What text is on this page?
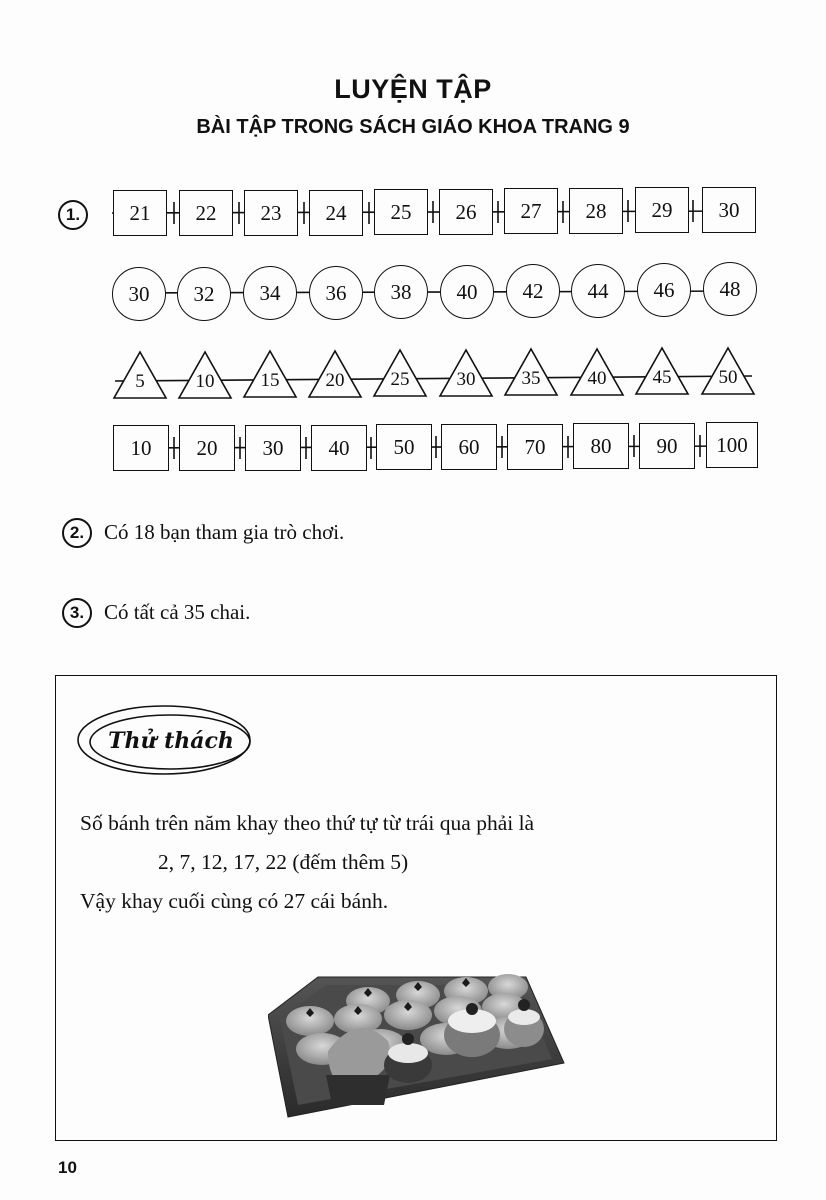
LUYỆN TẬP
BÀI TẬP TRONG SÁCH GIÁO KHOA TRANG 9
1.	21	22	23	24	25	26	27	28	29	30
30	32	34	36	38	40	42	44	46	48
5	10	15	20	25	30	35	40	45	50
10	20	30	40	50	60	70	80	90	100
2. Có 18 bạn tham gia trò chơi.
3. Có tất cả 35 chai.
Thử thách
Số bánh trên năm khay theo thứ tự từ trái qua phải là
2, 7, 12, 17, 22 (đếm thêm 5)
Vậy khay cuối cùng có 27 cái bánh.
10
